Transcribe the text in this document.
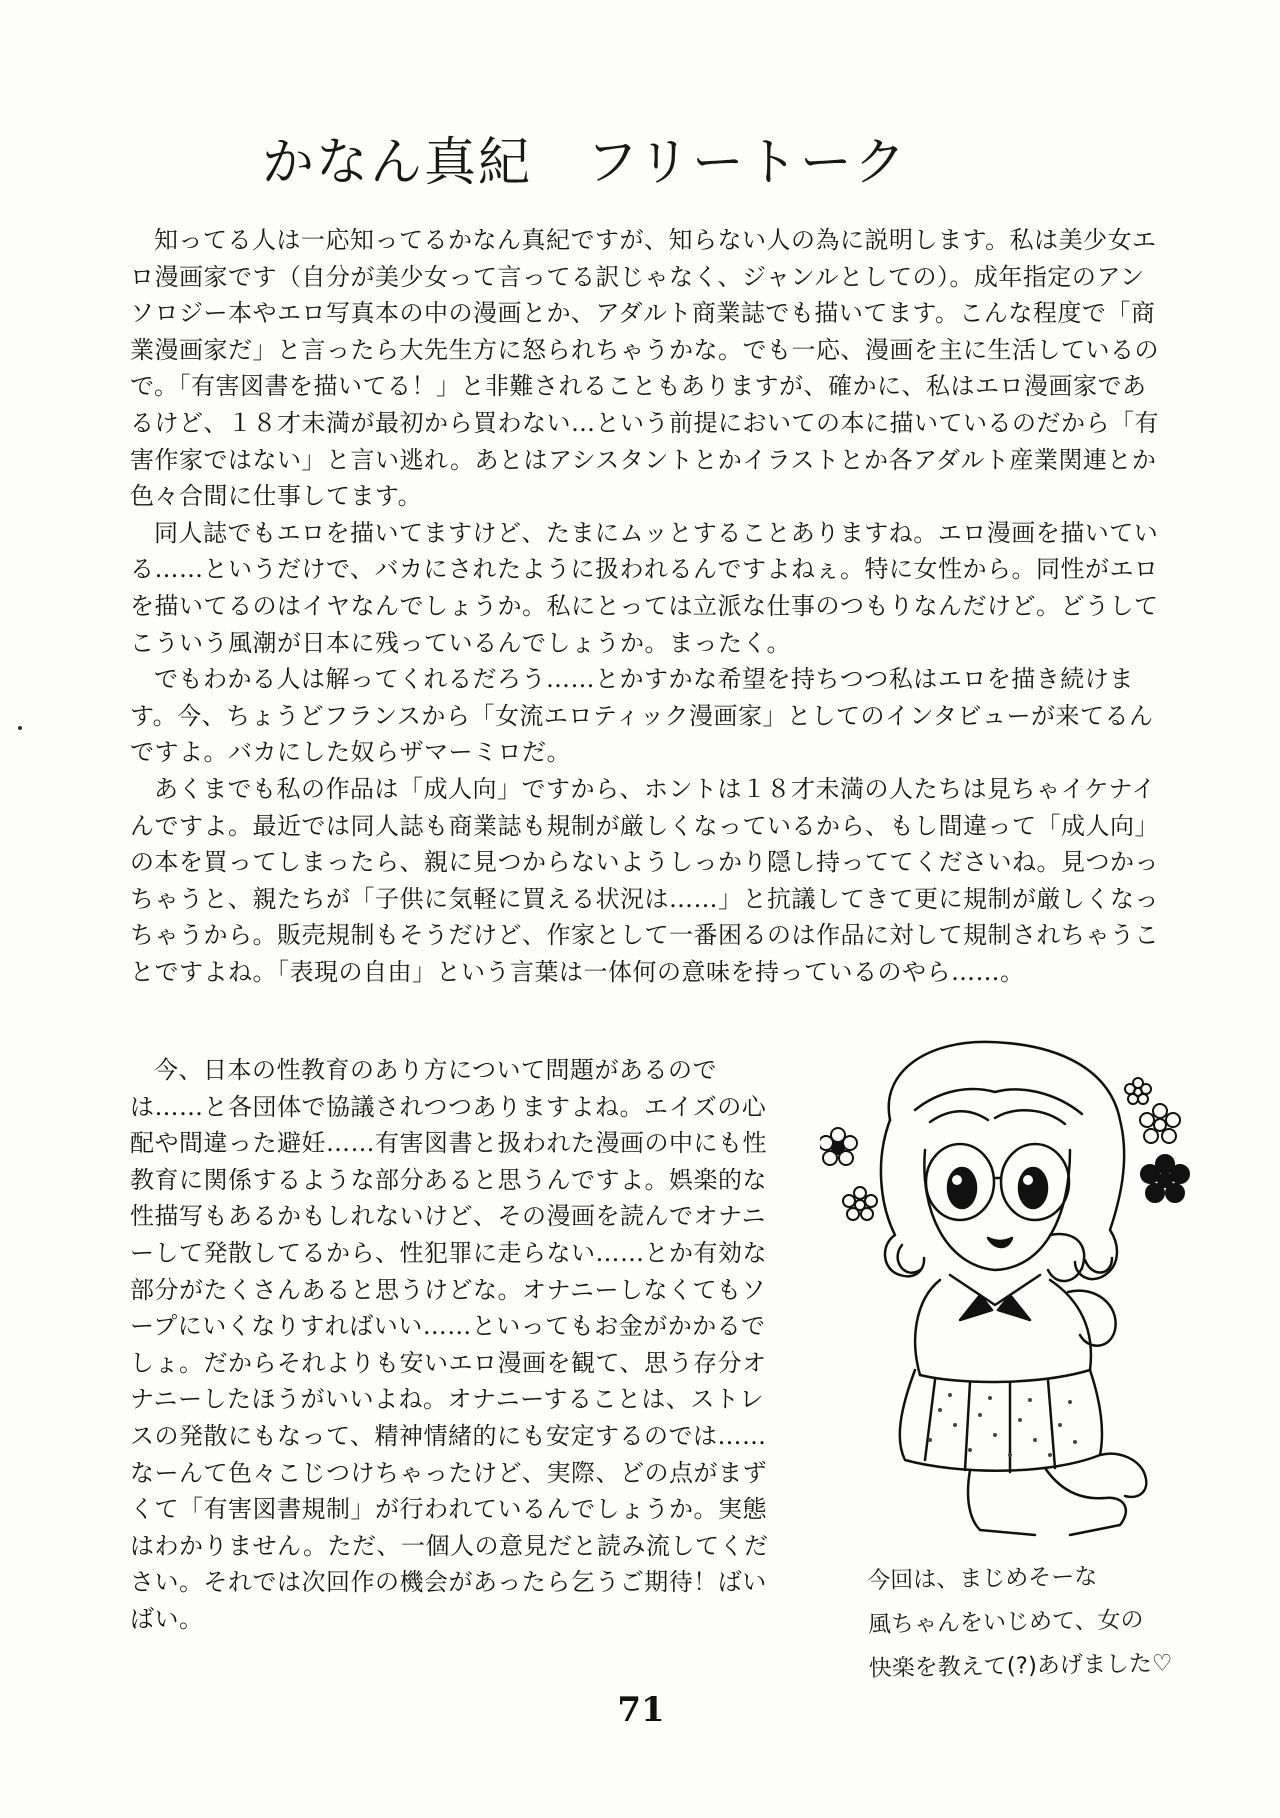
かなん真紀　フリートーク

知ってる人は一応知ってるかなん真紀ですが、知らない人の為に説明します。私は美少女エロ漫画家です（自分が美少女って言ってる訳じゃなく、ジャンルとしての）。成年指定のアンソロジー本やエロ写真本の中の漫画とか、アダルト商業誌でも描いてます。こんな程度で「商業漫画家だ」と言ったら大先生方に怒られちゃうかな。でも一応、漫画を主に生活しているので。「有害図書を描いてる！」と非難されることもありますが、確かに、私はエロ漫画家であるけど、１８才未満が最初から買わない…という前提においての本に描いているのだから「有害作家ではない」と言い逃れ。あとはアシスタントとかイラストとか各アダルト産業関連とか色々合間に仕事してます。

同人誌でもエロを描いてますけど、たまにムッとすることありますね。エロ漫画を描いている……というだけで、バカにされたように扱われるんですよねぇ。特に女性から。同性がエロを描いてるのはイヤなんでしょうか。私にとっては立派な仕事のつもりなんだけど。どうしてこういう風潮が日本に残っているんでしょうか。まったく。

でもわかる人は解ってくれるだろう……とかすかな希望を持ちつつ私はエロを描き続けます。今、ちょうどフランスから「女流エロティック漫画家」としてのインタビューが来てるんですよ。バカにした奴らザマーミロだ。

あくまでも私の作品は「成人向」ですから、ホントは１８才未満の人たちは見ちゃイケナイんですよ。最近では同人誌も商業誌も規制が厳しくなっているから、もし間違って「成人向」の本を買ってしまったら、親に見つからないようしっかり隠し持っててくださいね。見つかっちゃうと、親たちが「子供に気軽に買える状況は……」と抗議してきて更に規制が厳しくなっちゃうから。販売規制もそうだけど、作家として一番困るのは作品に対して規制されちゃうことですよね。「表現の自由」という言葉は一体何の意味を持っているのやら……。

今、日本の性教育のあり方について問題があるのでは……と各団体で協議されつつありますよね。エイズの心配や間違った避妊……有害図書と扱われた漫画の中にも性教育に関係するような部分あると思うんですよ。娯楽的な性描写もあるかもしれないけど、その漫画を読んでオナニーして発散してるから、性犯罪に走らない……とか有効な部分がたくさんあると思うけどな。オナニーしなくてもソープにいくなりすればいい……といってもお金がかかるでしょ。だからそれよりも安いエロ漫画を観て、思う存分オナニーしたほうがいいよね。オナニーすることは、ストレスの発散にもなって、精神情緒的にも安定するのでは……なーんて色々こじつけちゃったけど、実際、どの点がまずくて「有害図書規制」が行われているんでしょうか。実態はわかりません。ただ、一個人の意見だと読み流してください。それでは次回作の機会があったら乞うご期待！ばいばい。

今回は、まじめそーな
風ちゃんをいじめて、女の
快楽を教えて(?)あげました♡
71
